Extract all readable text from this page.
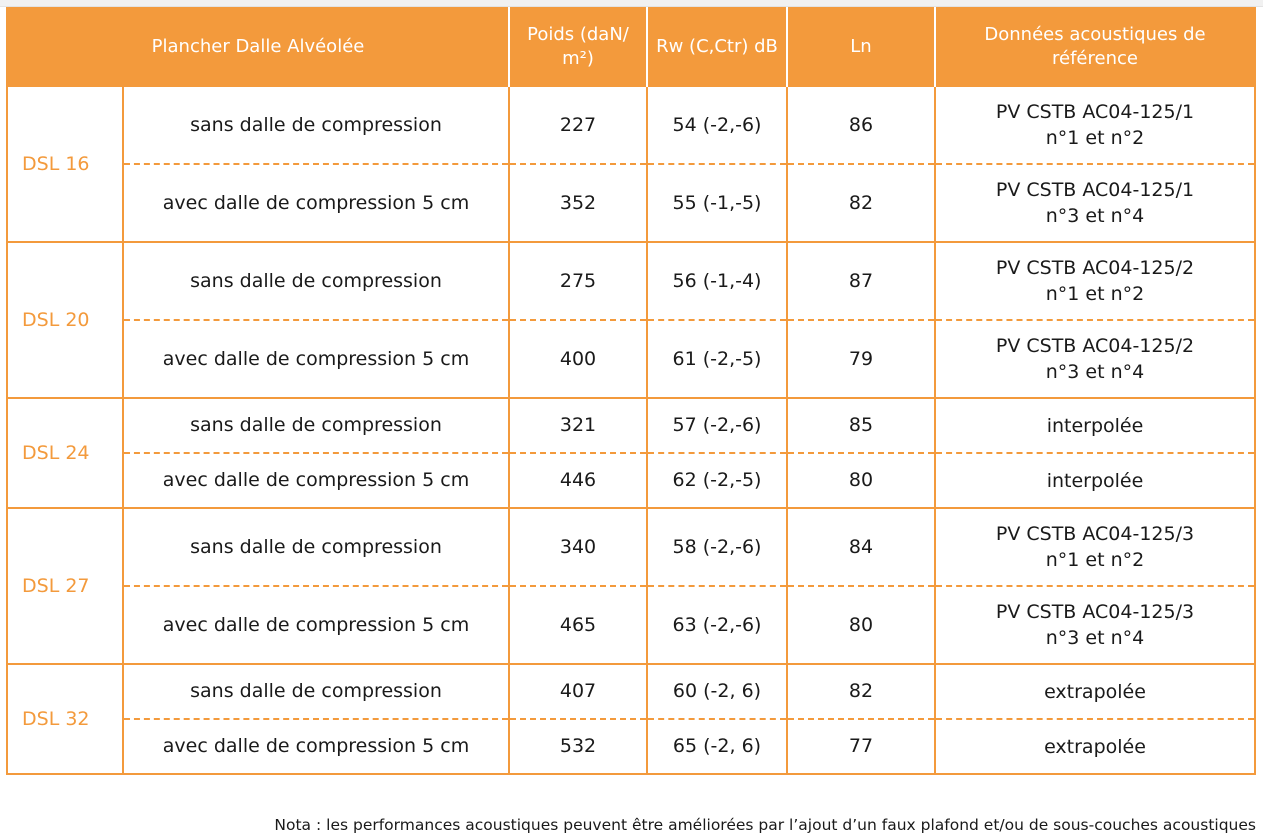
Plancher Dalle Alvéolée		Poids (daN/ m²)	Rw (C,Ctr) dB	Ln	Données acoustiques de référence
DSL 16	sans dalle de compression	227	54 (-2,-6)	86	PV CSTB AC04-125/1
n°1 et n°2
	avec dalle de compression 5 cm	352	55 (-1,-5)	82	PV CSTB AC04-125/1
n°3 et n°4
DSL 20	sans dalle de compression	275	56 (-1,-4)	87	PV CSTB AC04-125/2
n°1 et n°2
	avec dalle de compression 5 cm	400	61 (-2,-5)	79	PV CSTB AC04-125/2
n°3 et n°4
DSL 24	sans dalle de compression	321	57 (-2,-6)	85	interpolée
	avec dalle de compression 5 cm	446	62 (-2,-5)	80	interpolée
DSL 27	sans dalle de compression	340	58 (-2,-6)	84	PV CSTB AC04-125/3
n°1 et n°2
	avec dalle de compression 5 cm	465	63 (-2,-6)	80	PV CSTB AC04-125/3
n°3 et n°4
DSL 32	sans dalle de compression	407	60 (-2, 6)	82	extrapolée
	avec dalle de compression 5 cm	532	65 (-2, 6)	77	extrapolée
Nota : les performances acoustiques peuvent être améliorées par l’ajout d’un faux plafond et/ou de sous-couches acoustiques
